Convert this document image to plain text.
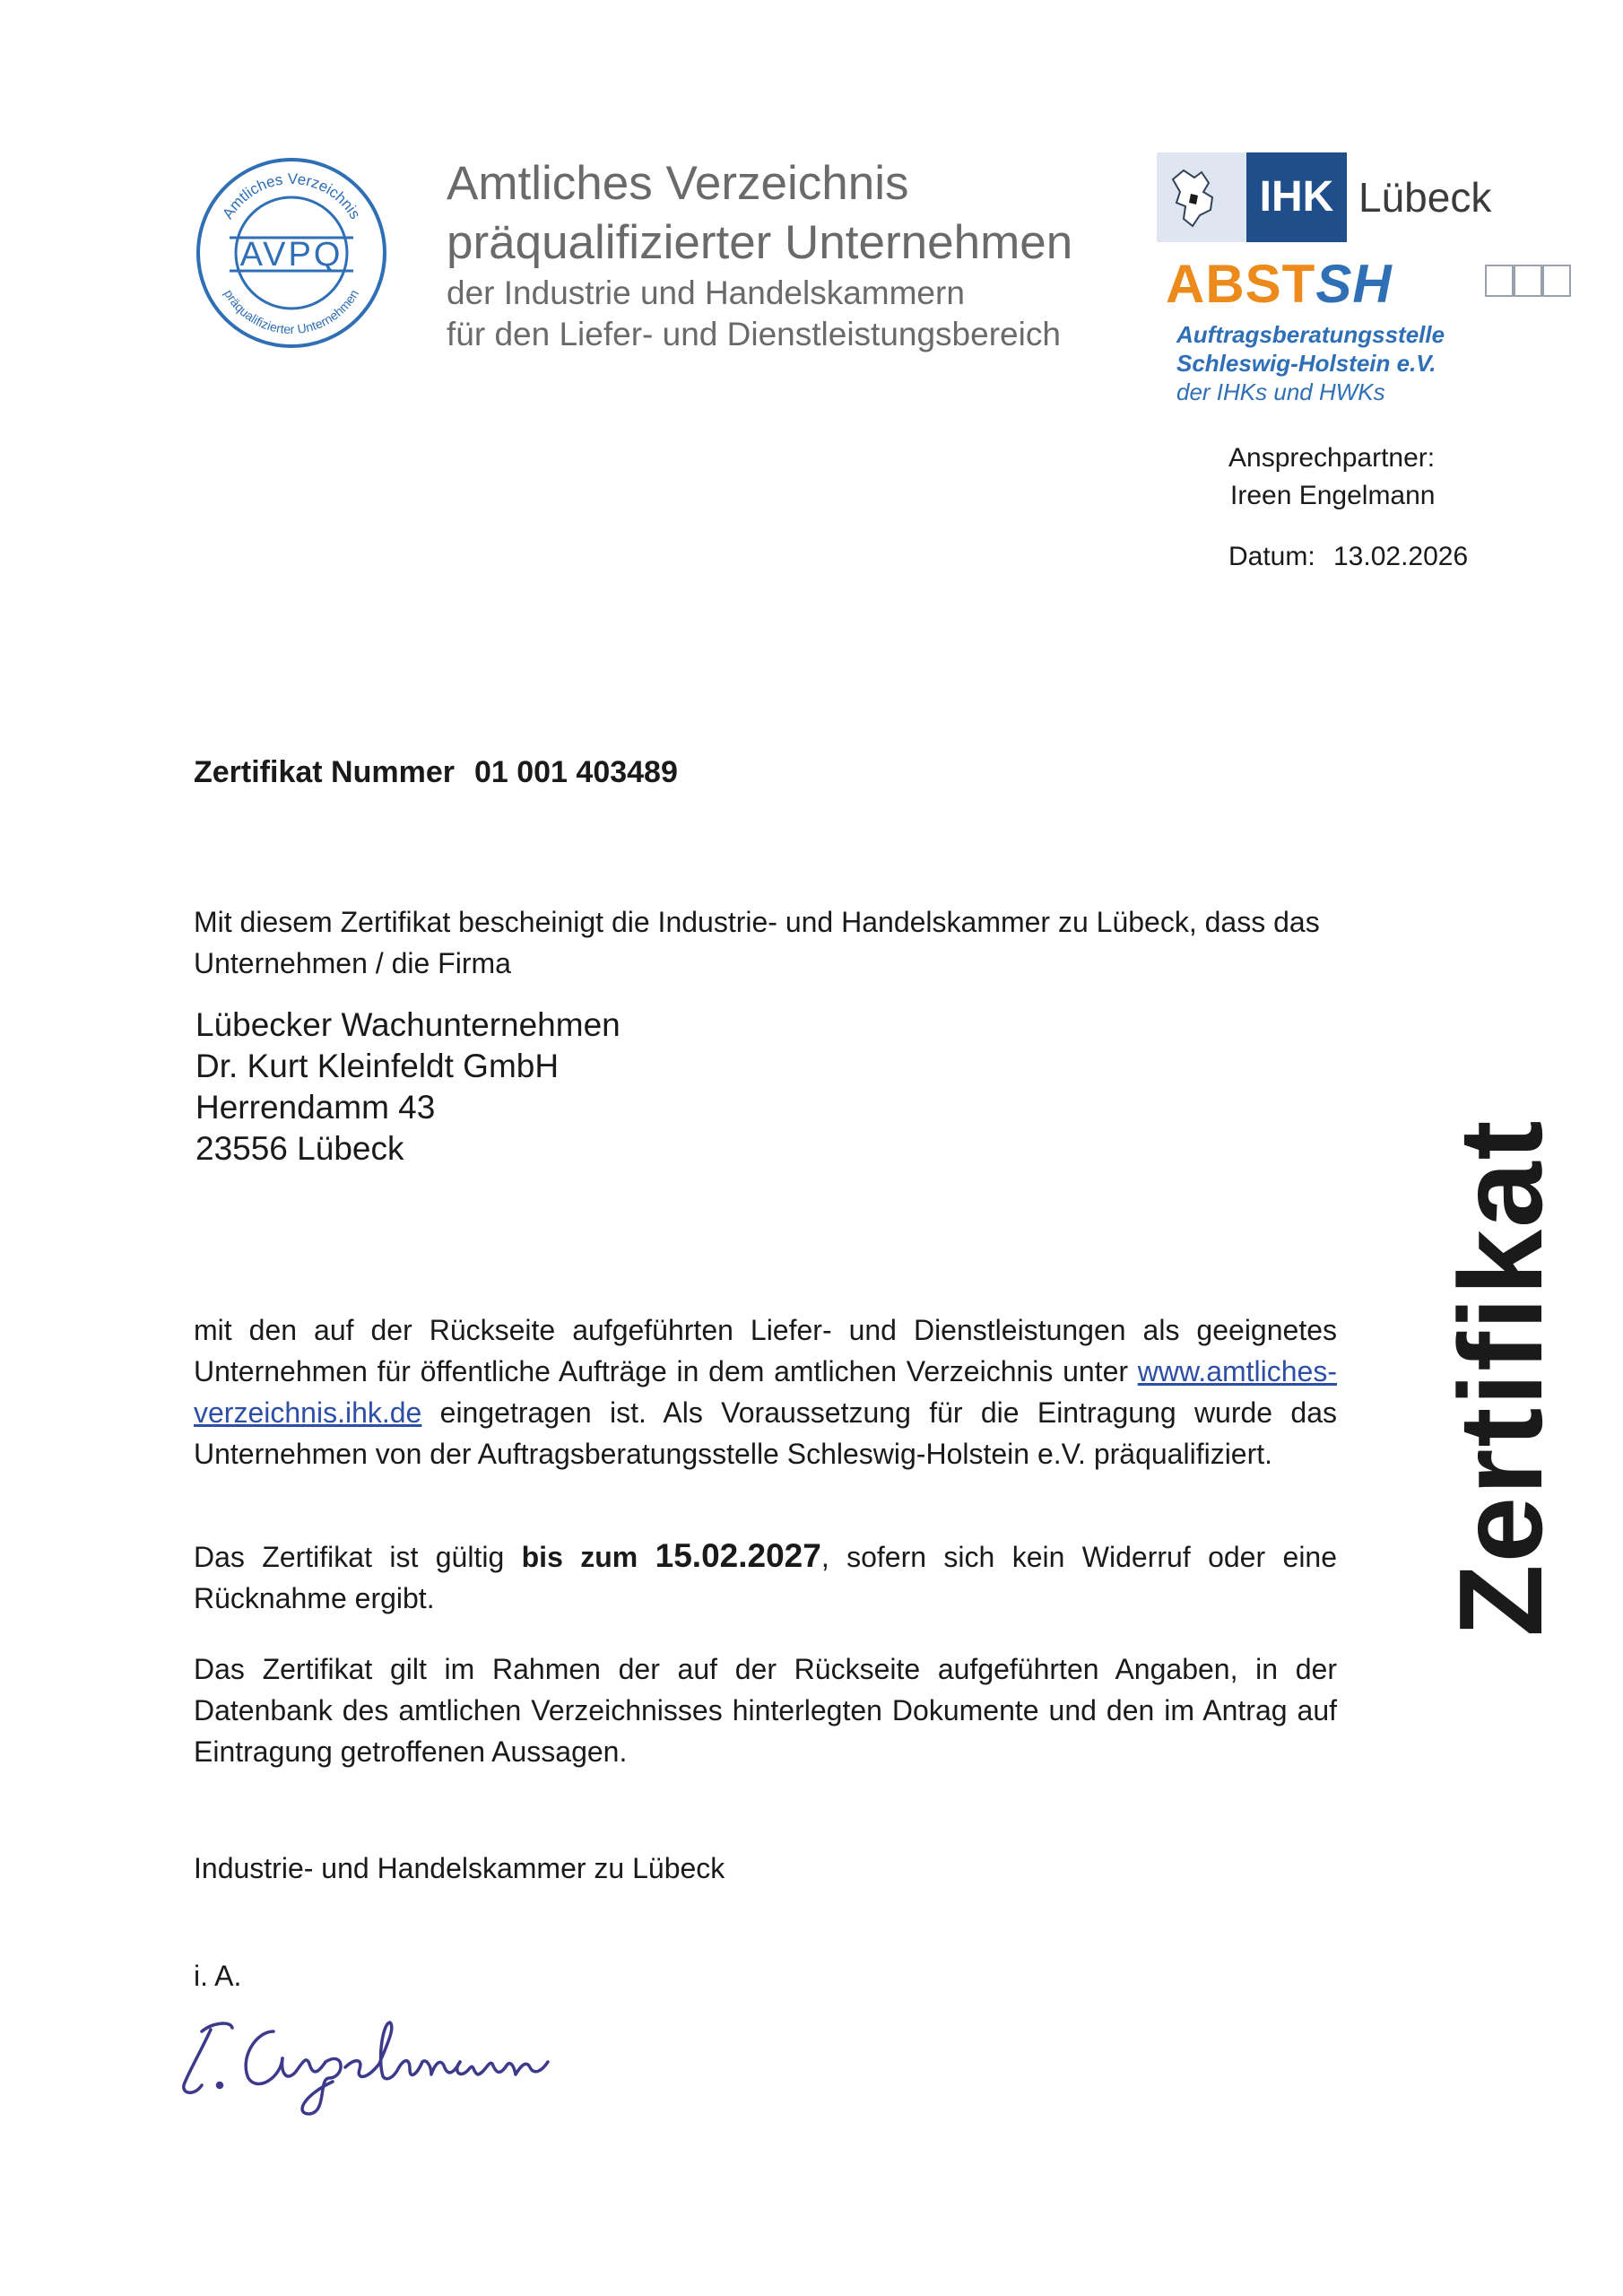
Amtliches Verzeichnis
präqualifizierter Unternehmen
AVPQ
Amtliches Verzeichnis
präqualifizierter Unternehmen
der Industrie und Handelskammern
für den Liefer- und Dienstleistungsbereich
IHK Lübeck
ABSTSH
Auftragsberatungsstelle
Schleswig-Holstein e.V.
der IHKs und HWKs
Ansprechpartner:
Ireen Engelmann
Datum: 13.02.2026
Zertifikat Nummer 01 001 403489
Mit diesem Zertifikat bescheinigt die Industrie- und Handelskammer zu Lübeck, dass das Unternehmen / die Firma
Lübecker Wachunternehmen
Dr. Kurt Kleinfeldt GmbH
Herrendamm 43
23556 Lübeck
mit den auf der Rückseite aufgeführten Liefer- und Dienstleistungen als geeignetes Unternehmen für öffentliche Aufträge in dem amtlichen Verzeichnis unter www.amtliches-verzeichnis.ihk.de eingetragen ist. Als Voraussetzung für die Eintragung wurde das Unternehmen von der Auftragsberatungsstelle Schleswig-Holstein e.V. präqualifiziert.
Das Zertifikat ist gültig bis zum 15.02.2027, sofern sich kein Widerruf oder eine Rücknahme ergibt.
Das Zertifikat gilt im Rahmen der auf der Rückseite aufgeführten Angaben, in der Datenbank des amtlichen Verzeichnisses hinterlegten Dokumente und den im Antrag auf Eintragung getroffenen Aussagen.
Industrie- und Handelskammer zu Lübeck
i. A.
Zertifikat
